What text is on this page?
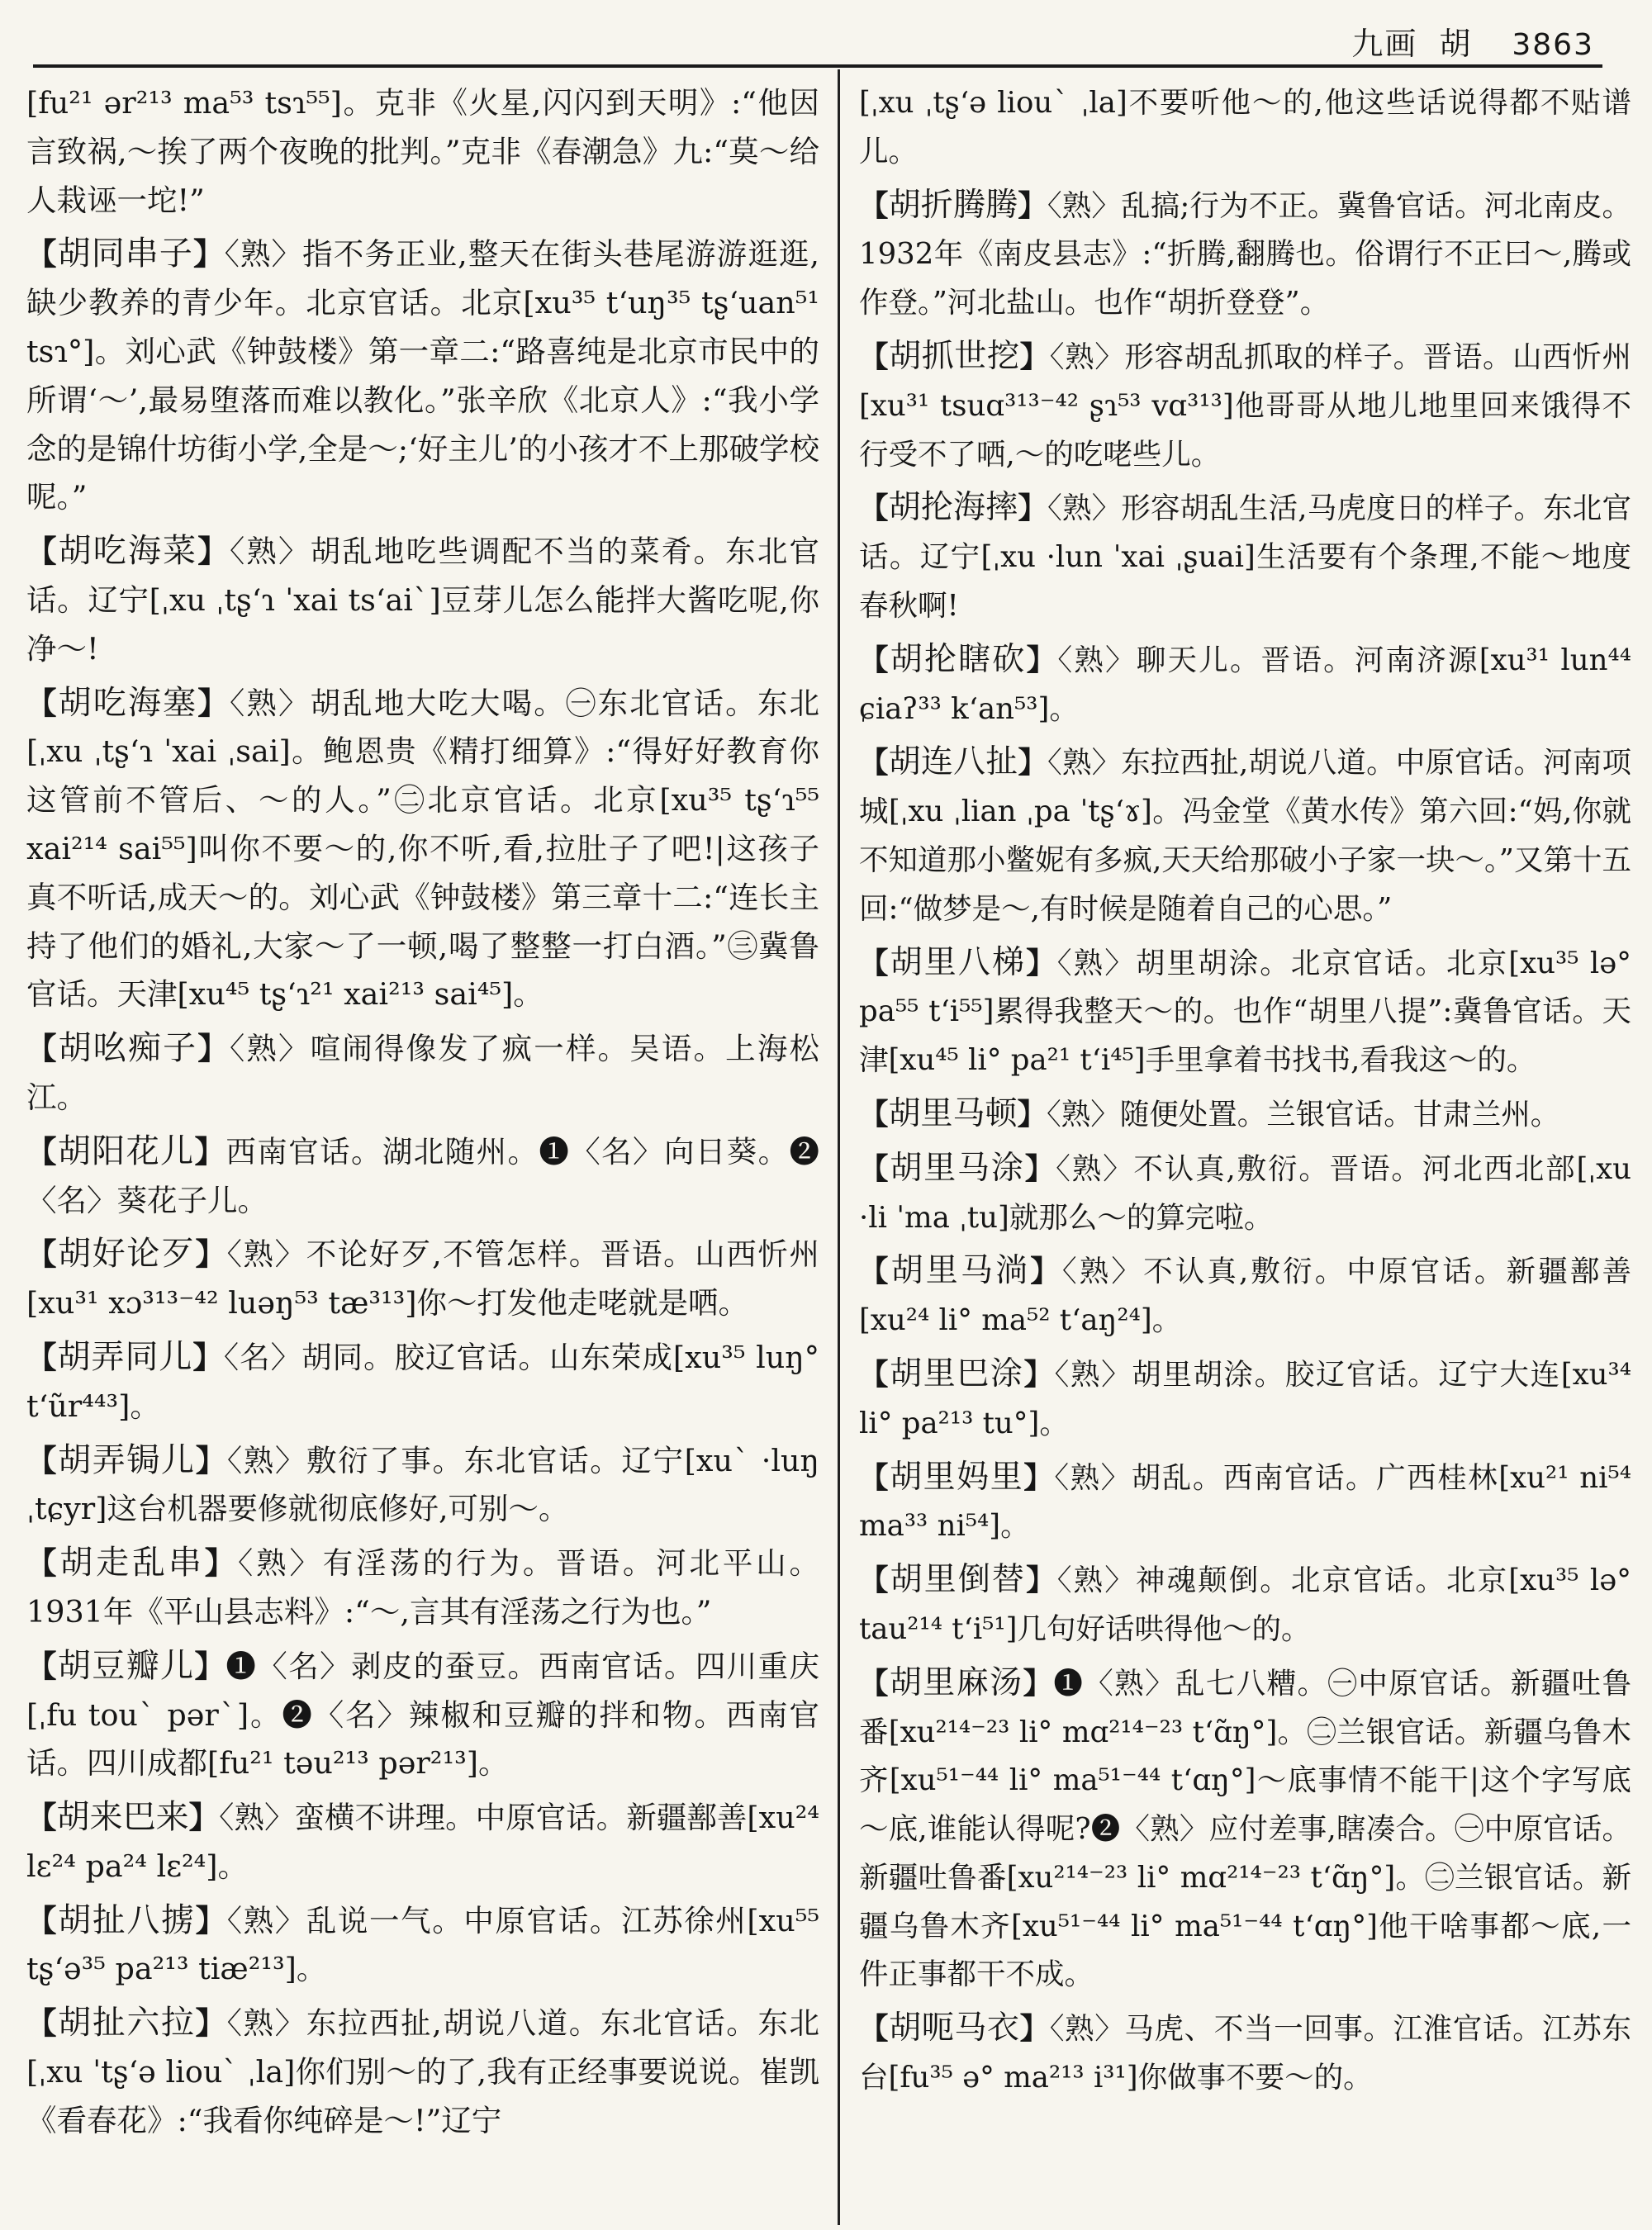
九画 胡 3863

[fu²¹ ər²¹³ ma⁵³ tsɿ⁵⁵]。克非《火星,闪闪到天明》:“他因言致祸,～挨了两个夜晚的批判。”克非《春潮急》九:“莫～给人栽诬一坨!”

【胡同串子】〈熟〉指不务正业,整天在街头巷尾游游逛逛,缺少教养的青少年。北京官话。北京[xu³⁵ tʻuŋ³⁵ tʂʻuan⁵¹ tsɿ°]。刘心武《钟鼓楼》第一章二:“路喜纯是北京市民中的所谓‘～’,最易堕落而难以教化。”张辛欣《北京人》:“我小学念的是锦什坊街小学,全是～;‘好主儿’的小孩才不上那破学校呢。”

【胡吃海菜】〈熟〉胡乱地吃些调配不当的菜肴。东北官话。辽宁[ˌxu ˌtʂʻɿ ˈxai tsʻaiˋ]豆芽儿怎么能拌大酱吃呢,你净～!

【胡吃海塞】〈熟〉胡乱地大吃大喝。㊀东北官话。东北[ˌxu ˌtʂʻɿ ˈxai ˌsai]。鲍恩贵《精打细算》:“得好好教育你这管前不管后、～的人。”㊁北京官话。北京[xu³⁵ tʂʻɿ⁵⁵ xai²¹⁴ sai⁵⁵]叫你不要～的,你不听,看,拉肚子了吧!|这孩子真不听话,成天～的。刘心武《钟鼓楼》第三章十二:“连长主持了他们的婚礼,大家～了一顿,喝了整整一打白酒。”㊂冀鲁官话。天津[xu⁴⁵ tʂʻɿ²¹ xai²¹³ sai⁴⁵]。

【胡吆痴子】〈熟〉喧闹得像发了疯一样。吴语。上海松江。

【胡阳花儿】西南官话。湖北随州。❶〈名〉向日葵。❷〈名〉葵花子儿。

【胡好论歹】〈熟〉不论好歹,不管怎样。晋语。山西忻州[xu³¹ xɔ³¹³⁻⁴² luəŋ⁵³ tæ³¹³]你～打发他走咾就是哂。

【胡弄同儿】〈名〉胡同。胶辽官话。山东荣成[xu³⁵ luŋ° tʻũr⁴⁴³]。

【胡弄锔儿】〈熟〉敷衍了事。东北官话。辽宁[xuˋ ·luŋ ˌtɕyr]这台机器要修就彻底修好,可别～。

【胡走乱串】〈熟〉有淫荡的行为。晋语。河北平山。1931年《平山县志料》:“～,言其有淫荡之行为也。”

【胡豆瓣儿】❶〈名〉剥皮的蚕豆。西南官话。四川重庆[ˌfu touˋ pərˋ]。❷〈名〉辣椒和豆瓣的拌和物。西南官话。四川成都[fu²¹ təu²¹³ pər²¹³]。

【胡来巴来】〈熟〉蛮横不讲理。中原官话。新疆鄯善[xu²⁴ lɛ²⁴ pa²⁴ lɛ²⁴]。

【胡扯八掳】〈熟〉乱说一气。中原官话。江苏徐州[xu⁵⁵ tʂʻə³⁵ pa²¹³ tiæ²¹³]。

【胡扯六拉】〈熟〉东拉西扯,胡说八道。东北官话。东北[ˌxu ˈtʂʻə liouˋ ˌla]你们别～的了,我有正经事要说说。崔凯《看春花》:“我看你纯碎是～!”辽宁

[ˌxu ˌtʂʻə liouˋ ˌla]不要听他～的,他这些话说得都不贴谱儿。

【胡折腾腾】〈熟〉乱搞;行为不正。冀鲁官话。河北南皮。1932年《南皮县志》:“折腾,翻腾也。俗谓行不正曰～,腾或作登。”河北盐山。也作“胡折登登”。

【胡抓世挖】〈熟〉形容胡乱抓取的样子。晋语。山西忻州[xu³¹ tsuɑ³¹³⁻⁴² ʂɿ⁵³ vɑ³¹³]他哥哥从地儿地里回来饿得不行受不了哂,～的吃咾些儿。

【胡抡海摔】〈熟〉形容胡乱生活,马虎度日的样子。东北官话。辽宁[ˌxu ·lun ˈxai ˌʂuai]生活要有个条理,不能～地度春秋啊!

【胡抡瞎砍】〈熟〉聊天儿。晋语。河南济源[xu³¹ lun⁴⁴ ɕiaʔ³³ kʻan⁵³]。

【胡连八扯】〈熟〉东拉西扯,胡说八道。中原官话。河南项城[ˌxu ˌlian ˌpa ˈtʂʻɤ]。冯金堂《黄水传》第六回:“妈,你就不知道那小鳖妮有多疯,天天给那破小子家一块～。”又第十五回:“做梦是～,有时候是随着自己的心思。”

【胡里八梯】〈熟〉胡里胡涂。北京官话。北京[xu³⁵ lə° pa⁵⁵ tʻi⁵⁵]累得我整天～的。也作“胡里八提”:冀鲁官话。天津[xu⁴⁵ li° pa²¹ tʻi⁴⁵]手里拿着书找书,看我这～的。

【胡里马顿】〈熟〉随便处置。兰银官话。甘肃兰州。

【胡里马涂】〈熟〉不认真,敷衍。晋语。河北西北部[ˌxu ·li ˈma ˌtu]就那么～的算完啦。

【胡里马淌】〈熟〉不认真,敷衍。中原官话。新疆鄯善[xu²⁴ li° ma⁵² tʻaŋ²⁴]。

【胡里巴涂】〈熟〉胡里胡涂。胶辽官话。辽宁大连[xu³⁴ li° pa²¹³ tu°]。

【胡里妈里】〈熟〉胡乱。西南官话。广西桂林[xu²¹ ni⁵⁴ ma³³ ni⁵⁴]。

【胡里倒替】〈熟〉神魂颠倒。北京官话。北京[xu³⁵ lə° tau²¹⁴ tʻi⁵¹]几句好话哄得他～的。

【胡里麻汤】❶〈熟〉乱七八糟。㊀中原官话。新疆吐鲁番[xu²¹⁴⁻²³ li° mɑ²¹⁴⁻²³ tʻɑ̃ŋ°]。㊁兰银官话。新疆乌鲁木齐[xu⁵¹⁻⁴⁴ li° ma⁵¹⁻⁴⁴ tʻɑŋ°]～底事情不能干|这个字写底～底,谁能认得呢?❷〈熟〉应付差事,瞎凑合。㊀中原官话。新疆吐鲁番[xu²¹⁴⁻²³ li° mɑ²¹⁴⁻²³ tʻɑ̃ŋ°]。㊁兰银官话。新疆乌鲁木齐[xu⁵¹⁻⁴⁴ li° ma⁵¹⁻⁴⁴ tʻɑŋ°]他干啥事都～底,一件正事都干不成。

【胡呃马衣】〈熟〉马虎、不当一回事。江淮官话。江苏东台[fu³⁵ ə° ma²¹³ i³¹]你做事不要～的。
